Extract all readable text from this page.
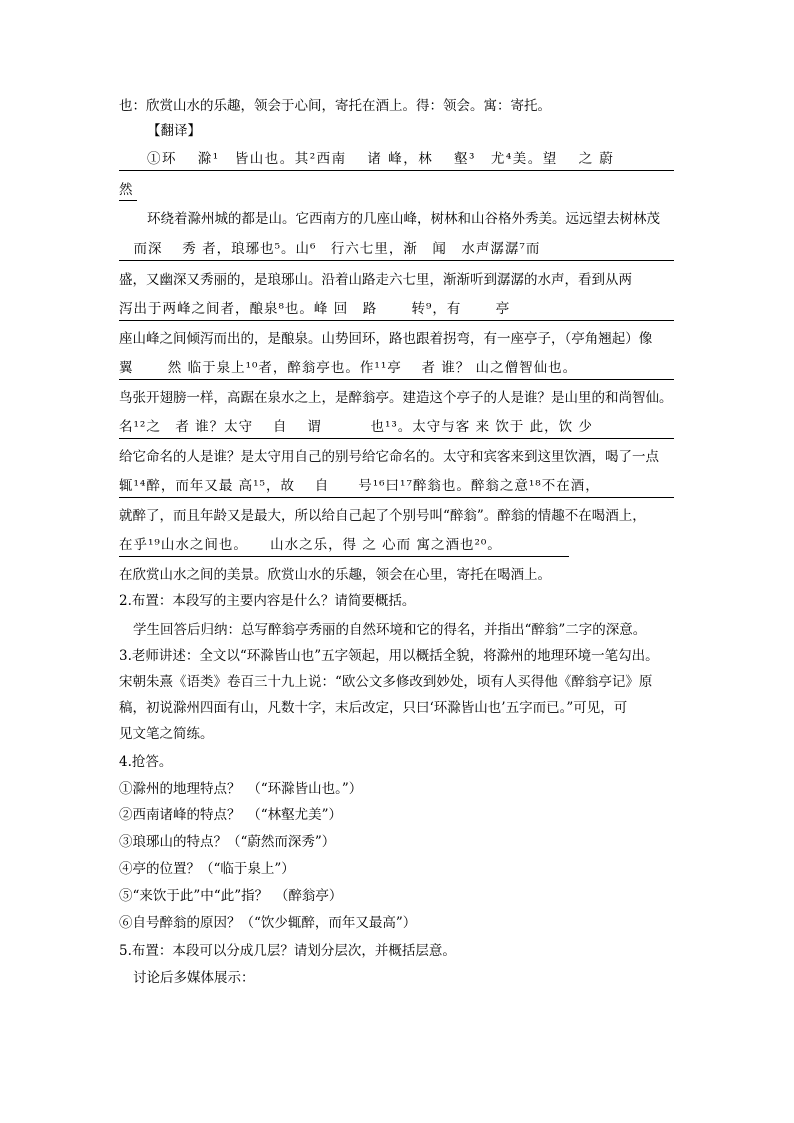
也：欣赏山水的乐趣，领会于心间，寄托在酒上。得：领会。寓：寄托。
【翻译】
①环　 滁¹　皆山也。其²西南　 诸 峰，林　 壑³　尤⁴美。望　 之 蔚
然
环绕着滁州城的都是山。它西南方的几座山峰，树林和山谷格外秀美。远远望去树林茂
　而深　 秀 者，琅琊也⁵。山⁶　行六七里，渐　闻　水声潺潺⁷而
盛，又幽深又秀丽的，是琅琊山。沿着山路走六七里，渐渐听到潺潺的水声，看到从两
泻出于两峰之间者，酿泉⁸也。峰 回　路　　 转⁹，有　　 亭
座山峰之间倾泻而出的，是酿泉。山势回环，路也跟着拐弯，有一座亭子，（亭角翘起）像
翼　　 然 临于泉上¹⁰者，醉翁亭也。作¹¹亭　 者 谁？ 山之僧智仙也。
鸟张开翅膀一样，高踞在泉水之上，是醉翁亭。建造这个亭子的人是谁？是山里的和尚智仙。
名¹²之　者 谁？太守　 自　 谓　　　 也¹³。太守与客 来 饮于 此，饮 少
给它命名的人是谁？是太守用自己的别号给它命名的。太守和宾客来到这里饮酒，喝了一点
辄¹⁴醉，而年又最 高¹⁵，故　 自　　号¹⁶曰¹⁷醉翁也。醉翁之意¹⁸不在酒，
就醉了，而且年龄又是最大，所以给自己起了个别号叫“醉翁”。醉翁的情趣不在喝酒上，
在乎¹⁹山水之间也。　　山水之乐，得 之 心而 寓之酒也²⁰。
在欣赏山水之间的美景。欣赏山水的乐趣，领会在心里，寄托在喝酒上。
2.布置：本段写的主要内容是什么？请简要概括。
学生回答后归纳：总写醉翁亭秀丽的自然环境和它的得名，并指出“醉翁”二字的深意。
3.老师讲述：全文以“环滁皆山也”五字领起，用以概括全貌，将滁州的地理环境一笔勾出。
宋朝朱熹《语类》卷百三十九上说：“欧公文多修改到妙处，顷有人买得他《醉翁亭记》原
稿，初说滁州四面有山，凡数十字，末后改定，只曰‘环滁皆山也’五字而已。”可见，可
见文笔之简练。
4.抢答。
①滁州的地理特点？　（“环滁皆山也。”）
②西南诸峰的特点？　（“林壑尤美”）
③琅琊山的特点？（“蔚然而深秀”）
④亭的位置？（“临于泉上”）
⑤“来饮于此”中“此”指？　（醉翁亭）
⑥自号醉翁的原因？（“饮少辄醉，而年又最高”）
5.布置：本段可以分成几层？请划分层次，并概括层意。
讨论后多媒体展示：
